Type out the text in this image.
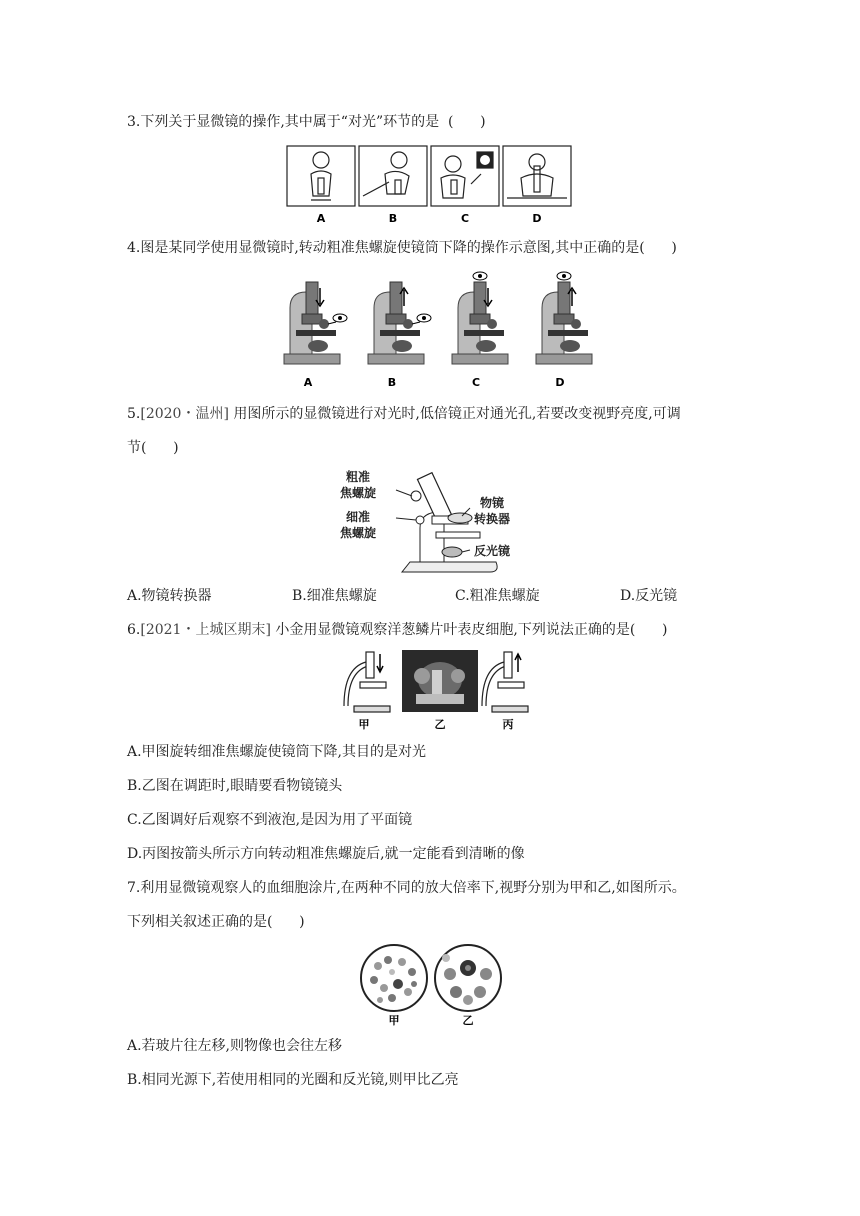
3.下列关于显微镜的操作,其中属于“对光”环节的是  (      )
A	B	C	D
4.图是某同学使用显微镜时,转动粗准焦螺旋使镜筒下降的操作示意图,其中正确的是(      )
A	B	C	D
5.[2020・温州] 用图所示的显微镜进行对光时,低倍镜正对通光孔,若要改变视野亮度,可调
节(      )
粗准
焦螺旋
细准
焦螺旋
物镜
转换器
反光镜
A.物镜转换器	B.细准焦螺旋	C.粗准焦螺旋	D.反光镜
6.[2021・上城区期末] 小金用显微镜观察洋葱鳞片叶表皮细胞,下列说法正确的是(      )
甲	乙	丙
A.甲图旋转细准焦螺旋使镜筒下降,其目的是对光
B.乙图在调距时,眼睛要看物镜镜头
C.乙图调好后观察不到液泡,是因为用了平面镜
D.丙图按箭头所示方向转动粗准焦螺旋后,就一定能看到清晰的像
7.利用显微镜观察人的血细胞涂片,在两种不同的放大倍率下,视野分别为甲和乙,如图所示。
下列相关叙述正确的是(      )
甲	乙
A.若玻片往左移,则物像也会往左移
B.相同光源下,若使用相同的光圈和反光镜,则甲比乙亮
